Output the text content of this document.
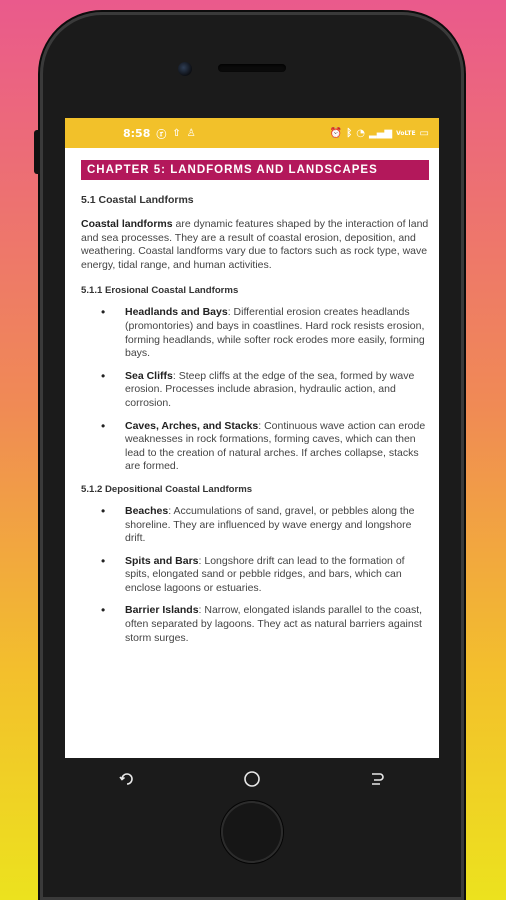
8:58 ⓡ ⇧ ♙	⏰ ᛒ ◔ ▂▄▆ VoLTE ▭
CHAPTER 5: LANDFORMS AND LANDSCAPES
5.1 Coastal Landforms

Coastal landforms are dynamic features shaped by the interaction of land and sea processes. They are a result of coastal erosion, deposition, and weathering. Coastal landforms vary due to factors such as rock type, wave energy, tidal range, and human activities.

5.1.1 Erosional Coastal Landforms
• Headlands and Bays: Differential erosion creates headlands (promontories) and bays in coastlines. Hard rock resists erosion, forming headlands, while softer rock erodes more easily, forming bays.
• Sea Cliffs: Steep cliffs at the edge of the sea, formed by wave erosion. Processes include abrasion, hydraulic action, and corrosion.
• Caves, Arches, and Stacks: Continuous wave action can erode weaknesses in rock formations, forming caves, which can then lead to the creation of natural arches. If arches collapse, stacks are formed.
5.1.2 Depositional Coastal Landforms
• Beaches: Accumulations of sand, gravel, or pebbles along the shoreline. They are influenced by wave energy and longshore drift.
• Spits and Bars: Longshore drift can lead to the formation of spits, elongated sand or pebble ridges, and bars, which can enclose lagoons or estuaries.
• Barrier Islands: Narrow, elongated islands parallel to the coast, often separated by lagoons. They act as natural barriers against storm surges.
